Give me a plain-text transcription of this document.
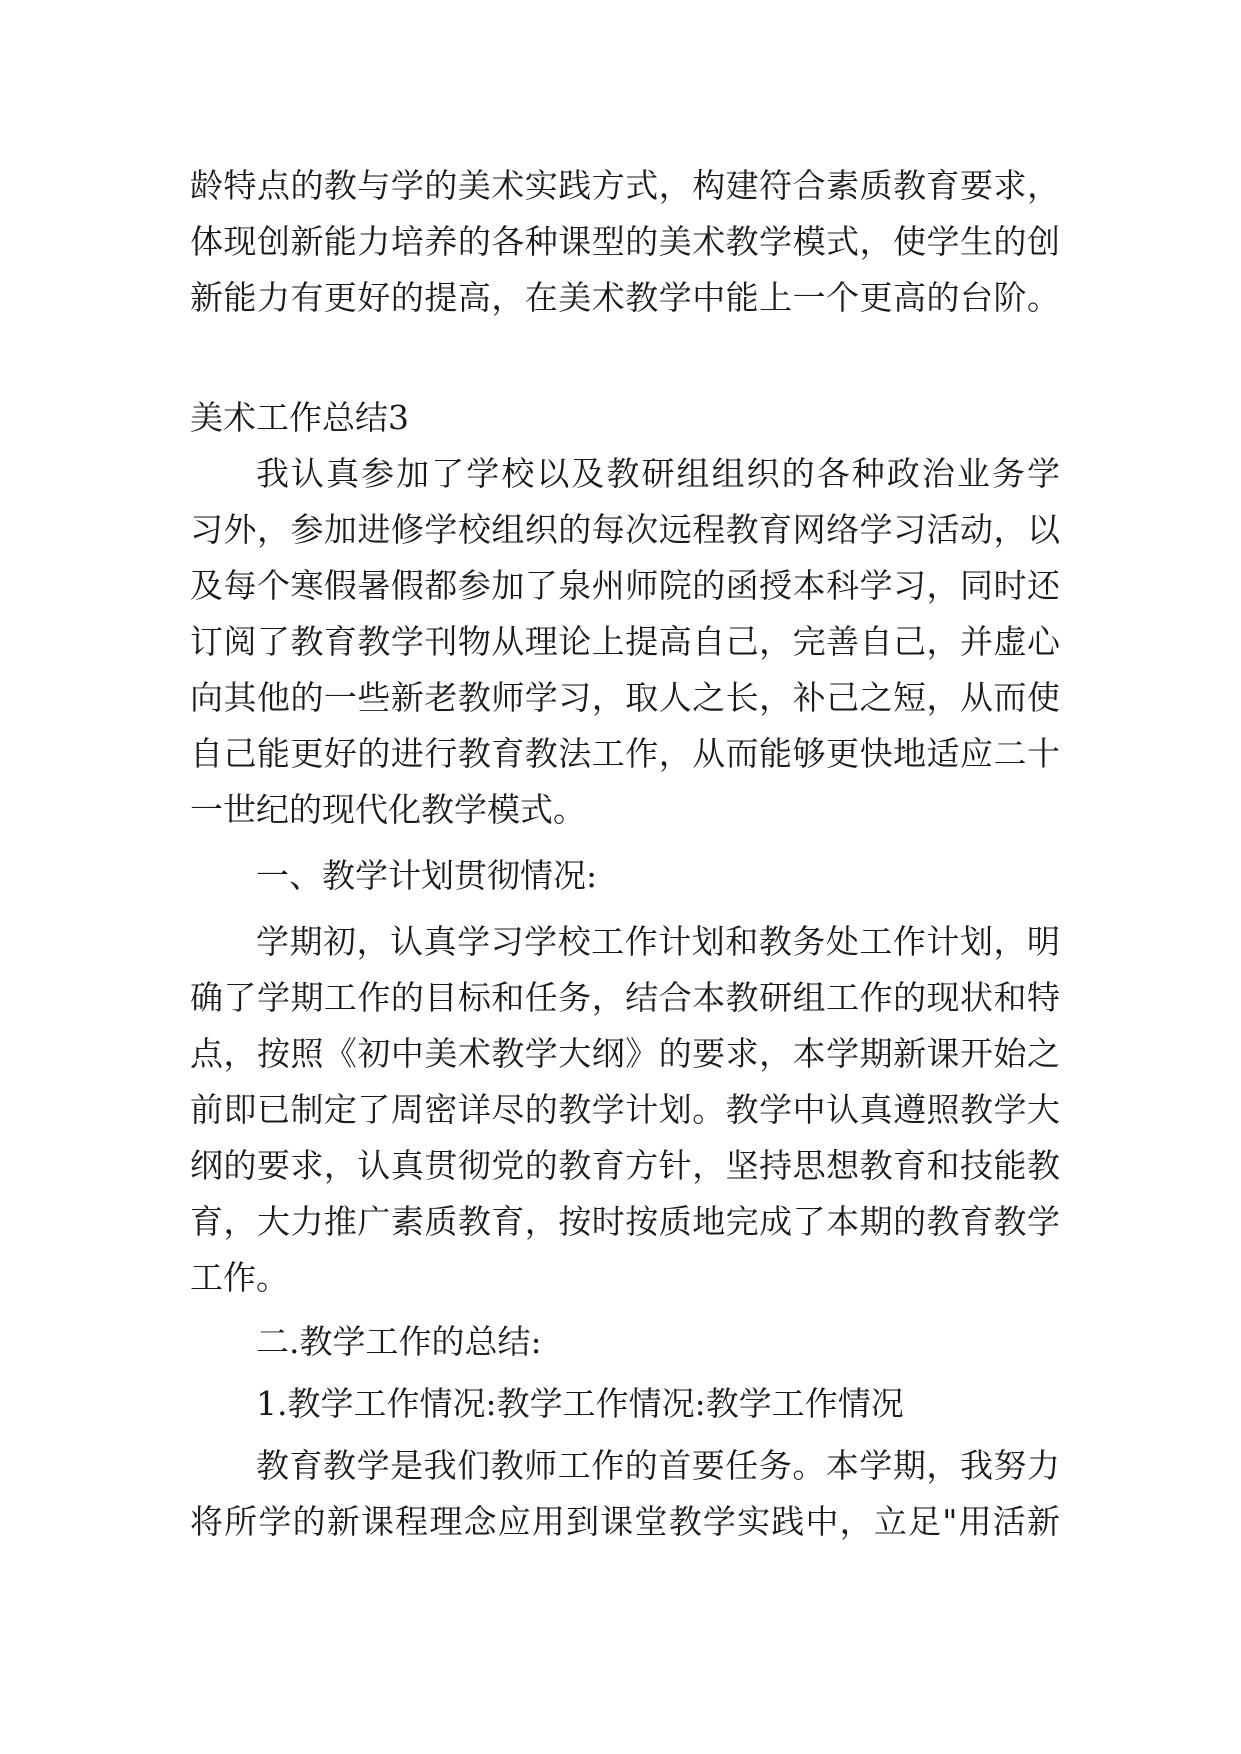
龄特点的教与学的美术实践方式，构建符合素质教育要求，

体现创新能力培养的各种课型的美术教学模式，使学生的创

新能力有更好的提高，在美术教学中能上一个更高的台阶。

美术工作总结3

我认真参加了学校以及教研组组织的各种政治业务学

习外，参加进修学校组织的每次远程教育网络学习活动，以

及每个寒假暑假都参加了泉州师院的函授本科学习，同时还

订阅了教育教学刊物从理论上提高自己，完善自己，并虚心

向其他的一些新老教师学习，取人之长，补己之短，从而使

自己能更好的进行教育教法工作，从而能够更快地适应二十

一世纪的现代化教学模式。

一、教学计划贯彻情况:

学期初，认真学习学校工作计划和教务处工作计划，明

确了学期工作的目标和任务，结合本教研组工作的现状和特

点，按照《初中美术教学大纲》的要求，本学期新课开始之

前即已制定了周密详尽的教学计划。教学中认真遵照教学大

纲的要求，认真贯彻党的教育方针，坚持思想教育和技能教

育，大力推广素质教育，按时按质地完成了本期的教育教学

工作。

二.教学工作的总结:

1.教学工作情况:教学工作情况:教学工作情况

教育教学是我们教师工作的首要任务。本学期，我努力

将所学的新课程理念应用到课堂教学实践中，立足"用活新
